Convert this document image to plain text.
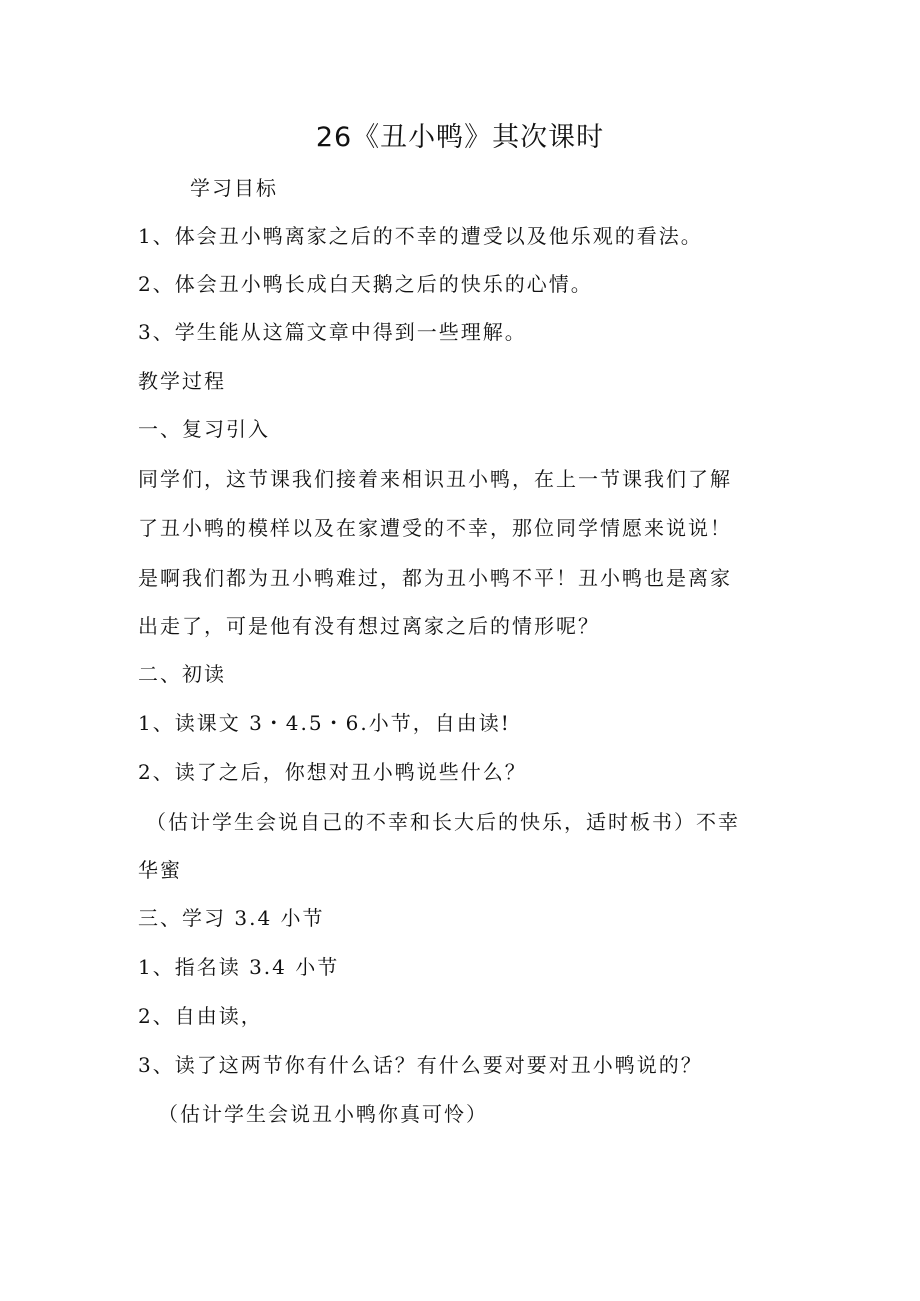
26《丑小鸭》其次课时
学习目标
1、体会丑小鸭离家之后的不幸的遭受以及他乐观的看法。
2、体会丑小鸭长成白天鹅之后的快乐的心情。
3、学生能从这篇文章中得到一些理解。
教学过程
一、复习引入
同学们，这节课我们接着来相识丑小鸭，在上一节课我们了解
了丑小鸭的模样以及在家遭受的不幸，那位同学情愿来说说！
是啊我们都为丑小鸭难过，都为丑小鸭不平！丑小鸭也是离家
出走了，可是他有没有想过离家之后的情形呢？
二、初读
1、读课文 3・4.5・6.小节，自由读!
2、读了之后，你想对丑小鸭说些什么？
（估计学生会说自己的不幸和长大后的快乐，适时板书）不幸
华蜜
三、学习 3.4 小节
1、指名读 3.4 小节
2、自由读，
3、读了这两节你有什么话？有什么要对要对丑小鸭说的？
（估计学生会说丑小鸭你真可怜）
